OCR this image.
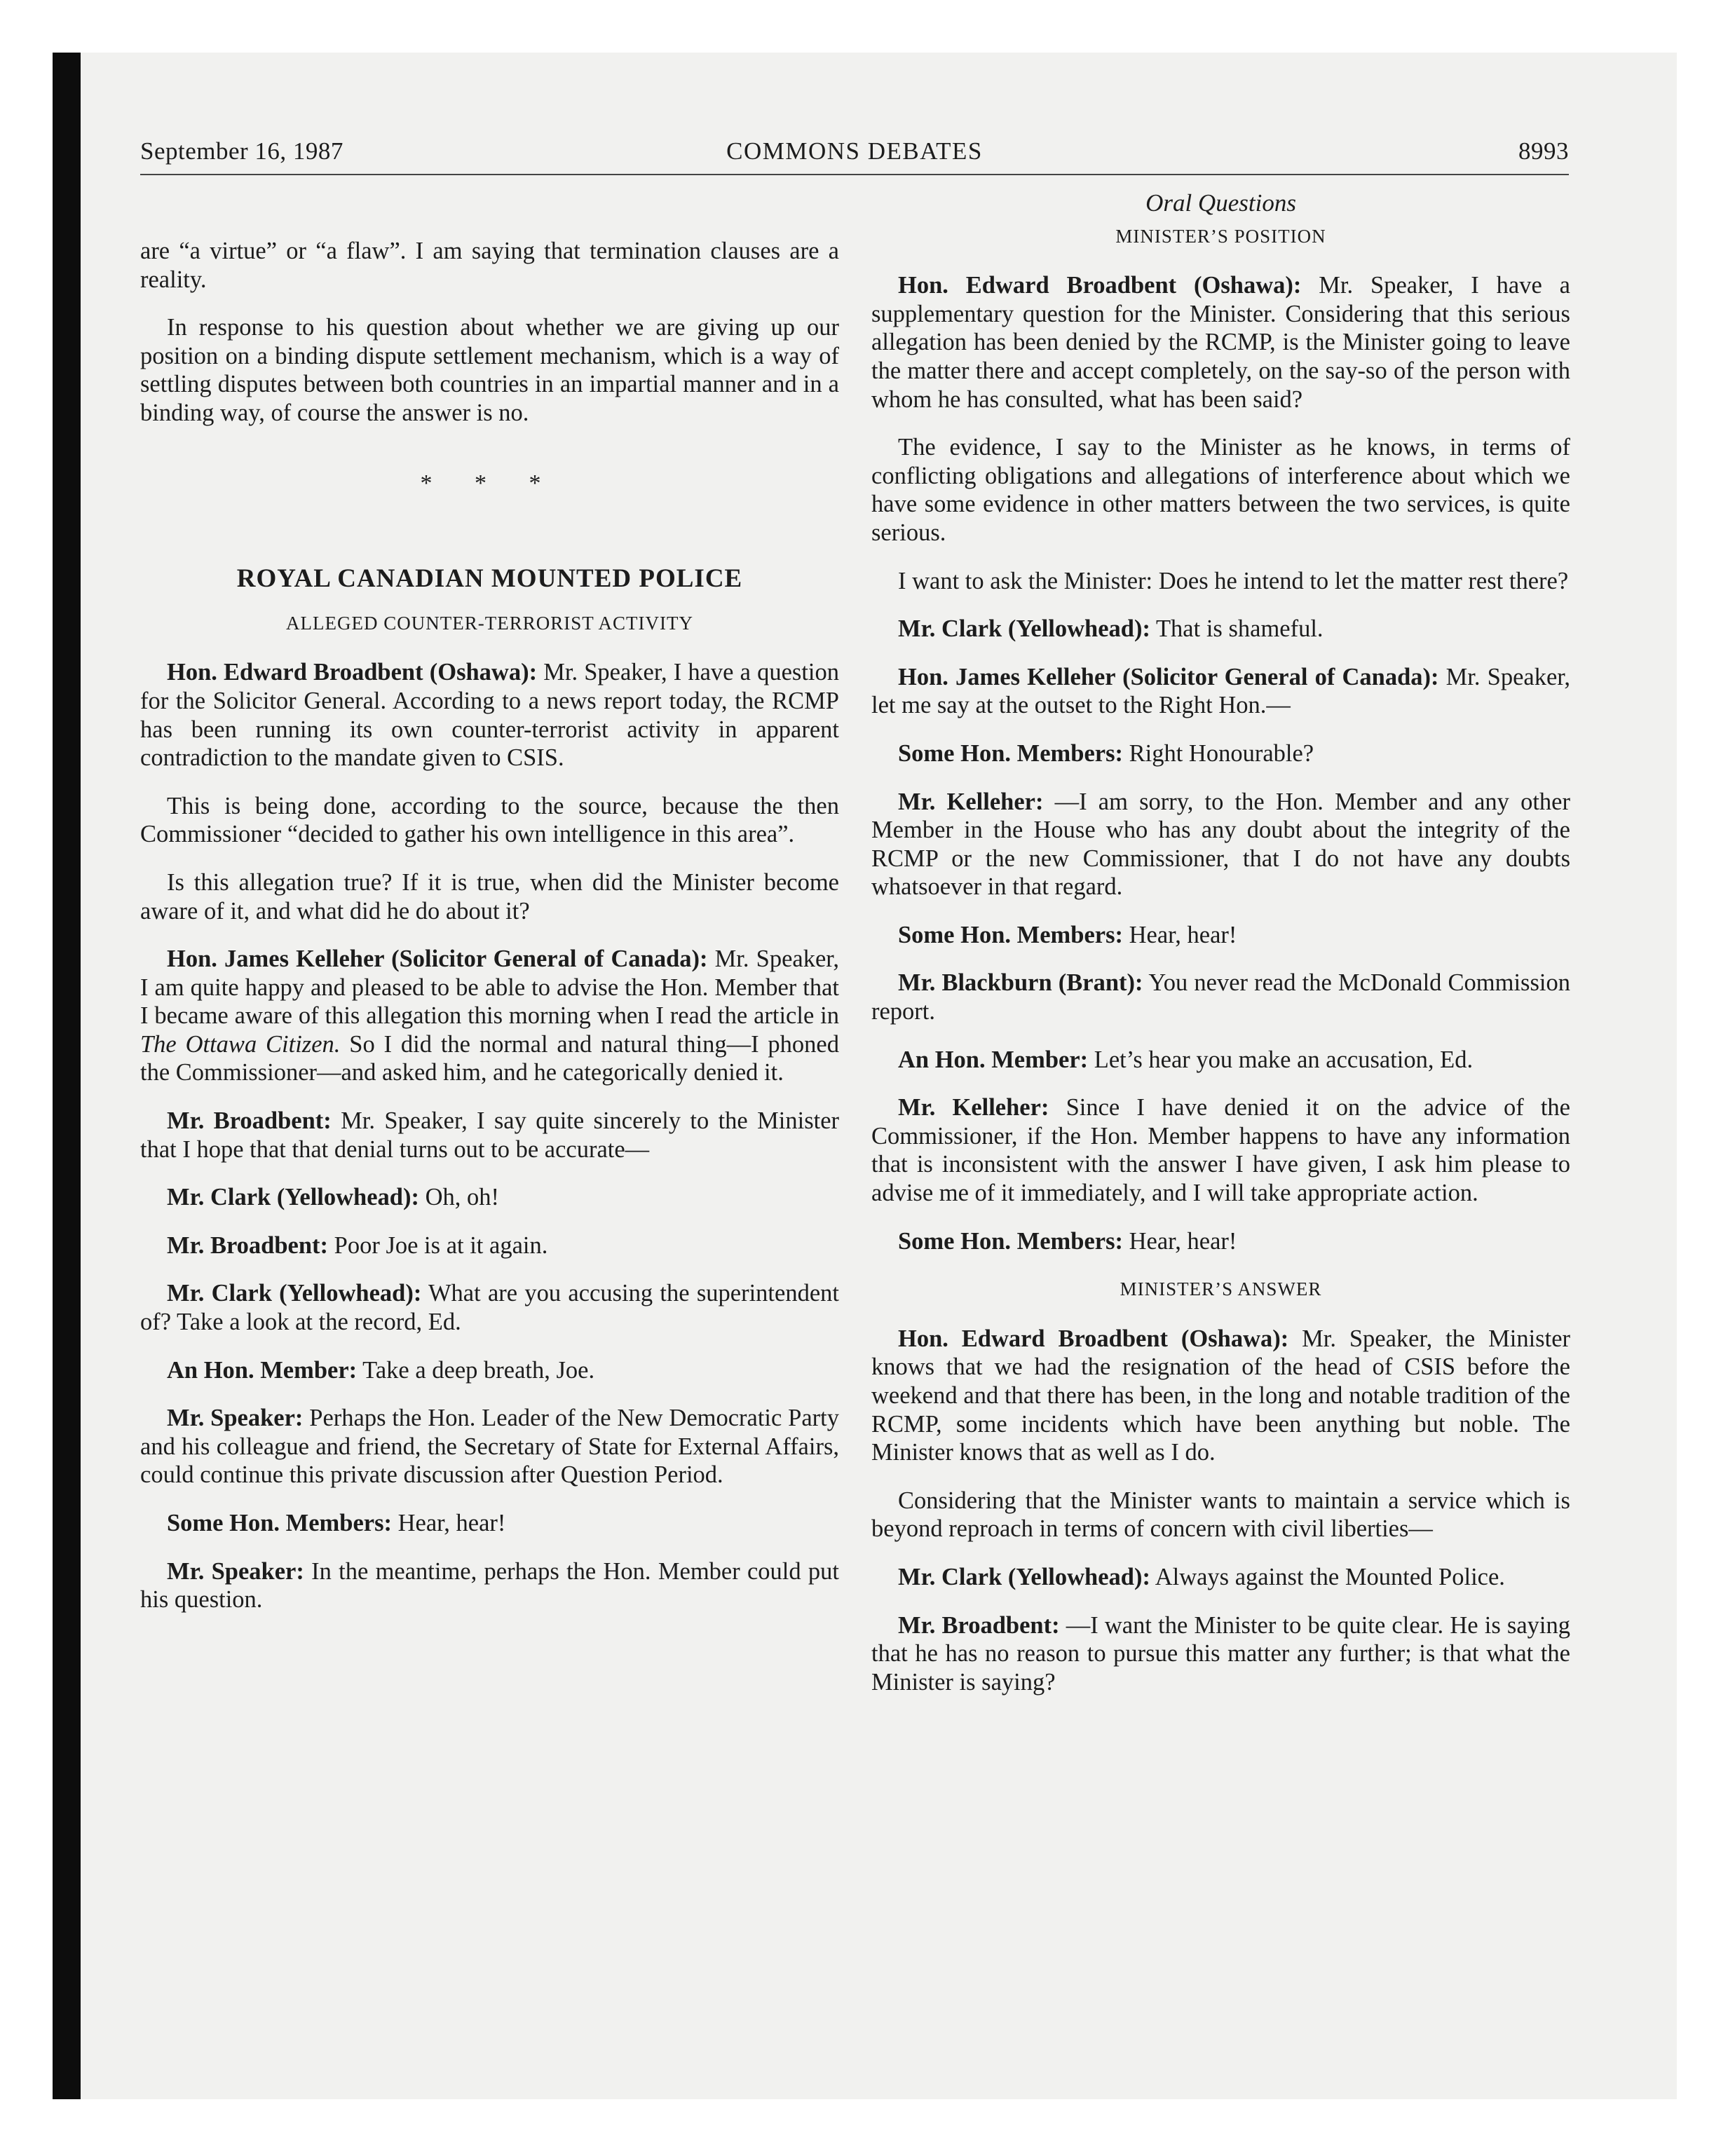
September 16, 1987	COMMONS DEBATES	8993

are “a virtue” or “a flaw”. I am saying that termination clauses are a reality.

In response to his question about whether we are giving up our position on a binding dispute settlement mechanism, which is a way of settling disputes between both countries in an impartial manner and in a binding way, of course the answer is no.

* * *
ROYAL CANADIAN MOUNTED POLICE
ALLEGED COUNTER-TERRORIST ACTIVITY

Hon. Edward Broadbent (Oshawa): Mr. Speaker, I have a question for the Solicitor General. According to a news report today, the RCMP has been running its own counter-terrorist activity in apparent contradiction to the mandate given to CSIS.

This is being done, according to the source, because the then Commissioner “decided to gather his own intelligence in this area”.

Is this allegation true? If it is true, when did the Minister become aware of it, and what did he do about it?

Hon. James Kelleher (Solicitor General of Canada): Mr. Speaker, I am quite happy and pleased to be able to advise the Hon. Member that I became aware of this allegation this morning when I read the article in The Ottawa Citizen. So I did the normal and natural thing—I phoned the Commissioner—and asked him, and he categorically denied it.

Mr. Broadbent: Mr. Speaker, I say quite sincerely to the Minister that I hope that that denial turns out to be accurate—

Mr. Clark (Yellowhead): Oh, oh!

Mr. Broadbent: Poor Joe is at it again.

Mr. Clark (Yellowhead): What are you accusing the superintendent of? Take a look at the record, Ed.

An Hon. Member: Take a deep breath, Joe.

Mr. Speaker: Perhaps the Hon. Leader of the New Democratic Party and his colleague and friend, the Secretary of State for External Affairs, could continue this private discussion after Question Period.

Some Hon. Members: Hear, hear!

Mr. Speaker: In the meantime, perhaps the Hon. Member could put his question.

Oral Questions
MINISTER’S POSITION

Hon. Edward Broadbent (Oshawa): Mr. Speaker, I have a supplementary question for the Minister. Considering that this serious allegation has been denied by the RCMP, is the Minister going to leave the matter there and accept completely, on the say-so of the person with whom he has consulted, what has been said?

The evidence, I say to the Minister as he knows, in terms of conflicting obligations and allegations of interference about which we have some evidence in other matters between the two services, is quite serious.

I want to ask the Minister: Does he intend to let the matter rest there?

Mr. Clark (Yellowhead): That is shameful.

Hon. James Kelleher (Solicitor General of Canada): Mr. Speaker, let me say at the outset to the Right Hon.—

Some Hon. Members: Right Honourable?

Mr. Kelleher: —I am sorry, to the Hon. Member and any other Member in the House who has any doubt about the integrity of the RCMP or the new Commissioner, that I do not have any doubts whatsoever in that regard.

Some Hon. Members: Hear, hear!

Mr. Blackburn (Brant): You never read the McDonald Commission report.

An Hon. Member: Let’s hear you make an accusation, Ed.

Mr. Kelleher: Since I have denied it on the advice of the Commissioner, if the Hon. Member happens to have any information that is inconsistent with the answer I have given, I ask him please to advise me of it immediately, and I will take appropriate action.

Some Hon. Members: Hear, hear!

MINISTER’S ANSWER

Hon. Edward Broadbent (Oshawa): Mr. Speaker, the Minister knows that we had the resignation of the head of CSIS before the weekend and that there has been, in the long and notable tradition of the RCMP, some incidents which have been anything but noble. The Minister knows that as well as I do.

Considering that the Minister wants to maintain a service which is beyond reproach in terms of concern with civil liberties—

Mr. Clark (Yellowhead): Always against the Mounted Police.

Mr. Broadbent: —I want the Minister to be quite clear. He is saying that he has no reason to pursue this matter any further; is that what the Minister is saying?
